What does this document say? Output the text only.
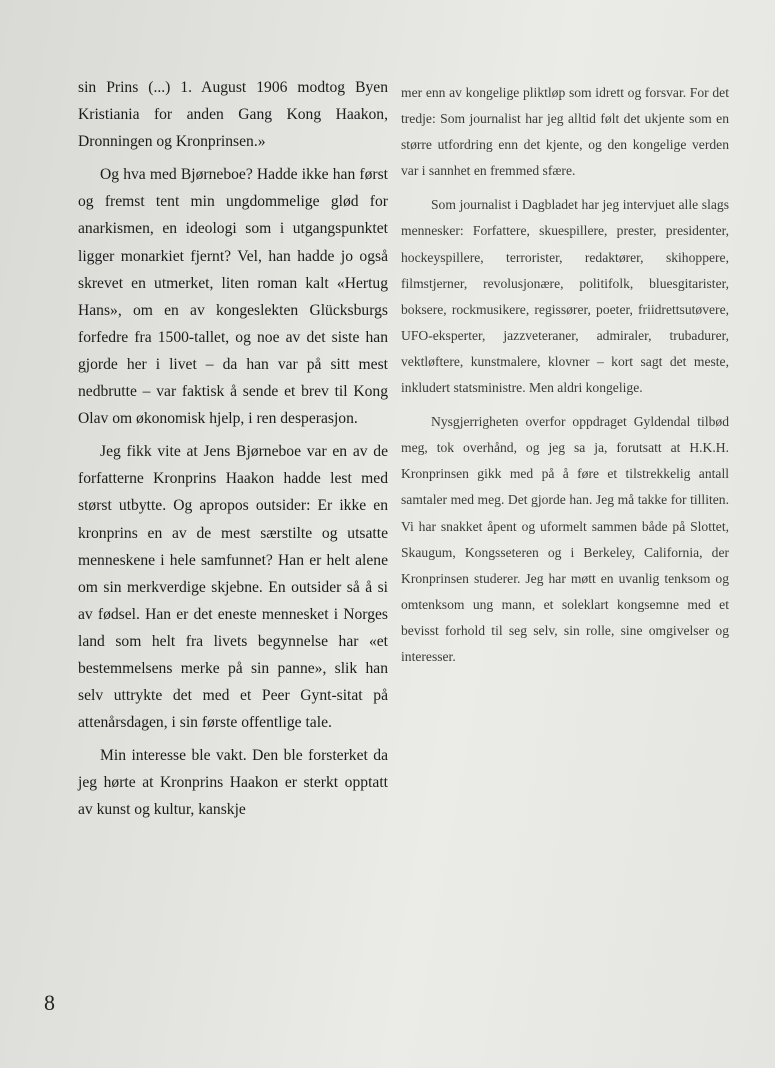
sin Prins (...) 1. August 1906 modtog Byen Kristiania for anden Gang Kong Haakon, Dronningen og Kronprinsen.»

Og hva med Bjørneboe? Hadde ikke han først og fremst tent min ungdommelige glød for anarkismen, en ideologi som i utgangspunktet ligger monarkiet fjernt? Vel, han hadde jo også skrevet en utmerket, liten roman kalt «Hertug Hans», om en av kongeslekten Glücksburgs forfedre fra 1500-tallet, og noe av det siste han gjorde her i livet – da han var på sitt mest nedbrutte – var faktisk å sende et brev til Kong Olav om økonomisk hjelp, i ren desperasjon.

Jeg fikk vite at Jens Bjørneboe var en av de forfatterne Kronprins Haakon hadde lest med størst utbytte. Og apropos outsider: Er ikke en kronprins en av de mest særstilte og utsatte menneskene i hele samfunnet? Han er helt alene om sin merkverdige skjebne. En outsider så å si av fødsel. Han er det eneste mennesket i Norges land som helt fra livets begynnelse har «et bestemmelsens merke på sin panne», slik han selv uttrykte det med et Peer Gynt-sitat på attenårsdagen, i sin første offentlige tale.

Min interesse ble vakt. Den ble forsterket da jeg hørte at Kronprins Haakon er sterkt opptatt av kunst og kultur, kanskje

mer enn av kongelige pliktløp som idrett og forsvar. For det tredje: Som journalist har jeg alltid følt det ukjente som en større utfordring enn det kjente, og den kongelige verden var i sannhet en fremmed sfære.

Som journalist i Dagbladet har jeg intervjuet alle slags mennesker: Forfattere, skuespillere, prester, presidenter, hockeyspillere, terrorister, redaktører, skihoppere, filmstjerner, revolusjonære, politifolk, bluesgitarister, boksere, rockmusikere, regissører, poeter, friidrettsutøvere, UFO-eksperter, jazzveteraner, admiraler, trubadurer, vektløftere, kunstmalere, klovner – kort sagt det meste, inkludert statsministre. Men aldri kongelige.

Nysgjerrigheten overfor oppdraget Gyldendal tilbød meg, tok overhånd, og jeg sa ja, forutsatt at H.K.H. Kronprinsen gikk med på å føre et tilstrekkelig antall samtaler med meg. Det gjorde han. Jeg må takke for tilliten. Vi har snakket åpent og uformelt sammen både på Slottet, Skaugum, Kongsseteren og i Berkeley, California, der Kronprinsen studerer. Jeg har møtt en uvanlig tenksom og omtenksom ung mann, et soleklart kongsemne med et bevisst forhold til seg selv, sin rolle, sine omgivelser og interesser.

8
